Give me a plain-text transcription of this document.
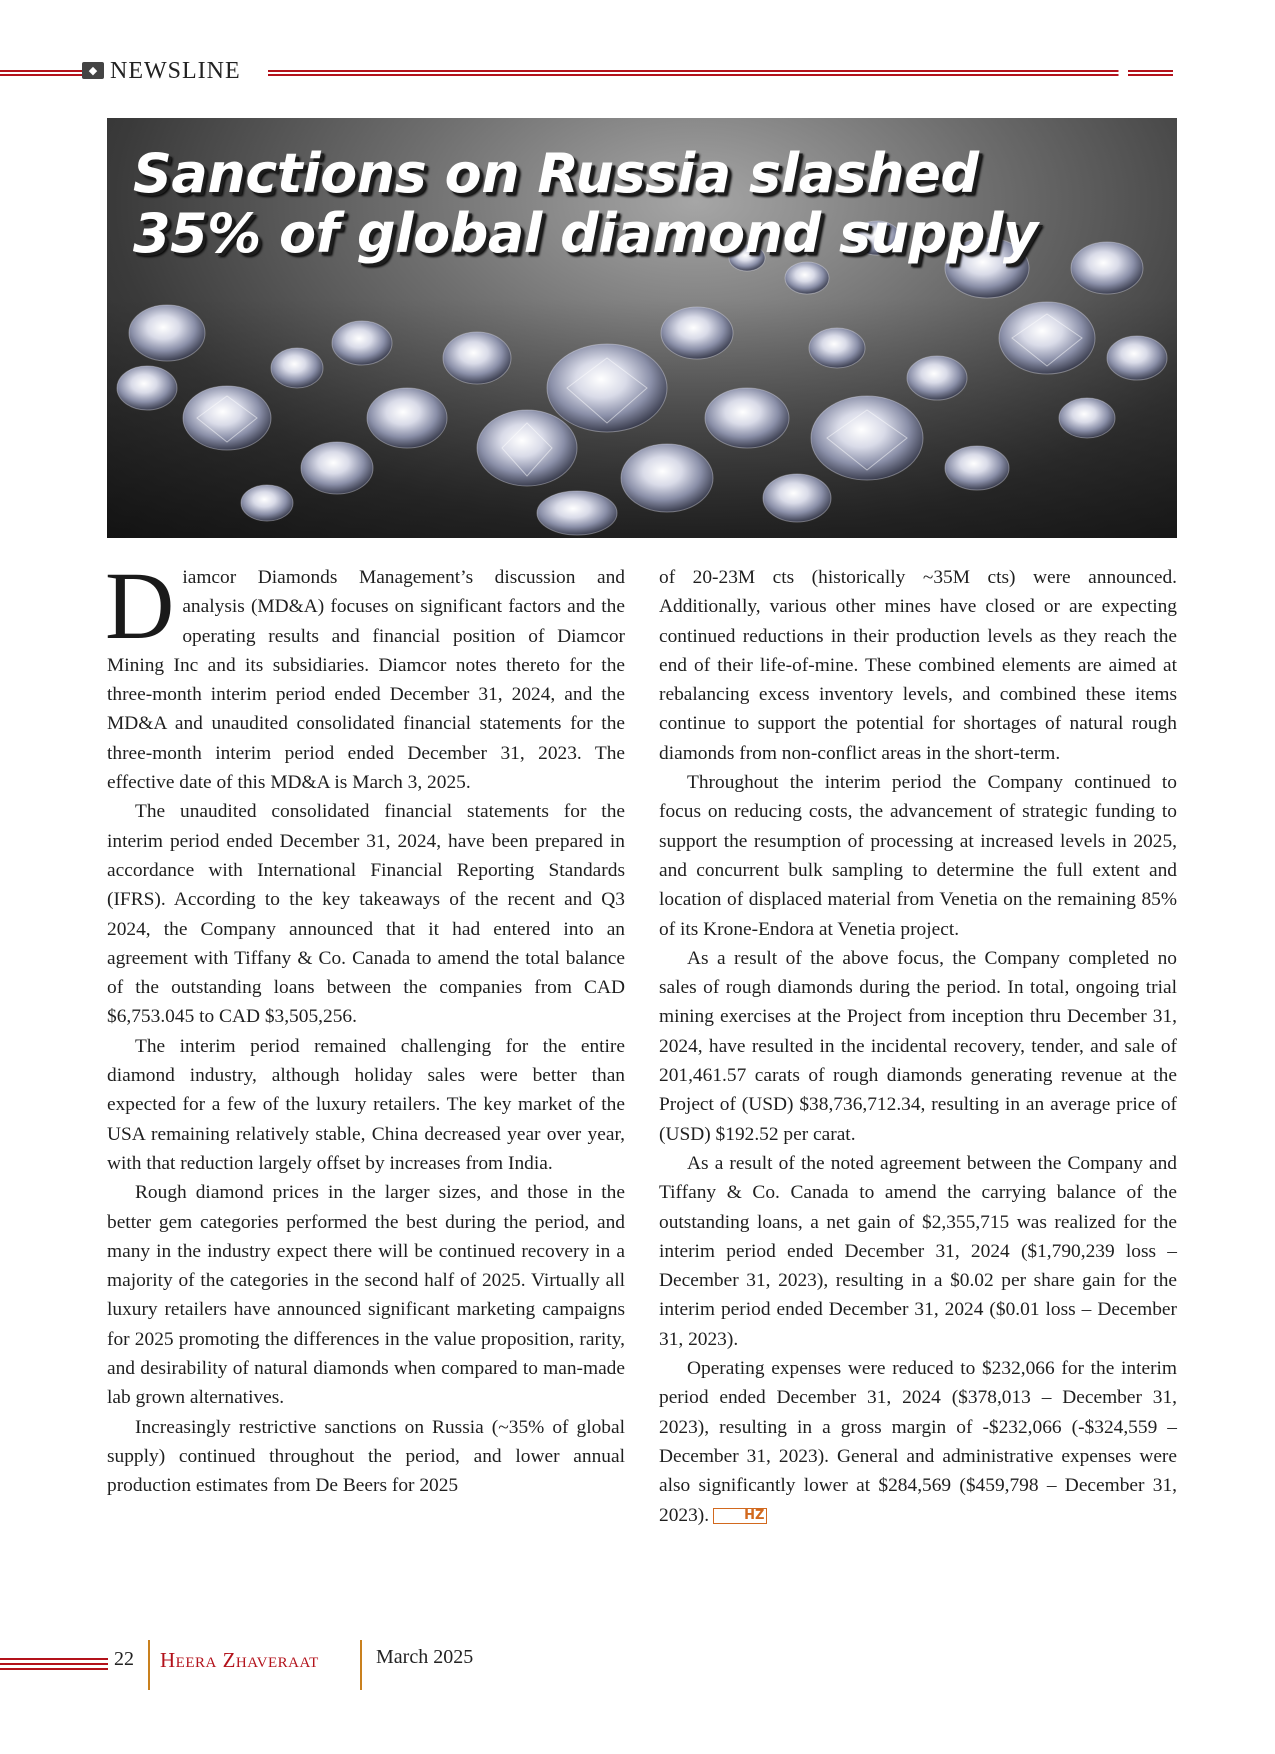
◆ NEWSLINE
Sanctions on Russia slashed
35% of global diamond supply

Diamcor Diamonds Management’s discussion and analysis (MD&A) focuses on significant factors and the operating results and financial position of Diamcor Mining Inc and its subsidiaries. Diamcor notes thereto for the three-month interim period ended December 31, 2024, and the MD&A and unaudited consolidated financial statements for the three-month interim period ended December 31, 2023. The effective date of this MD&A is March 3, 2025.

The unaudited consolidated financial statements for the interim period ended December 31, 2024, have been prepared in accordance with International Financial Reporting Standards (IFRS). According to the key takeaways of the recent and Q3 2024, the Company announced that it had entered into an agreement with Tiffany & Co. Canada to amend the total balance of the outstanding loans between the companies from CAD $6,753.045 to CAD $3,505,256.

The interim period remained challenging for the entire diamond industry, although holiday sales were better than expected for a few of the luxury retailers. The key market of the USA remaining relatively stable, China decreased year over year, with that reduction largely offset by increases from India.

Rough diamond prices in the larger sizes, and those in the better gem categories performed the best during the period, and many in the industry expect there will be continued recovery in a majority of the categories in the second half of 2025. Virtually all luxury retailers have announced significant marketing campaigns for 2025 promoting the differences in the value proposition, rarity, and desirability of natural diamonds when compared to man-made lab grown alternatives.

Increasingly restrictive sanctions on Russia (~35% of global supply) continued throughout the period, and lower annual production estimates from De Beers for 2025

of 20-23M cts (historically ~35M cts) were announced. Additionally, various other mines have closed or are expecting continued reductions in their production levels as they reach the end of their life-of-mine. These combined elements are aimed at rebalancing excess inventory levels, and combined these items continue to support the potential for shortages of natural rough diamonds from non-conflict areas in the short-term.

Throughout the interim period the Company continued to focus on reducing costs, the advancement of strategic funding to support the resumption of processing at increased levels in 2025, and concurrent bulk sampling to determine the full extent and location of displaced material from Venetia on the remaining 85% of its Krone-Endora at Venetia project.

As a result of the above focus, the Company completed no sales of rough diamonds during the period. In total, ongoing trial mining exercises at the Project from inception thru December 31, 2024, have resulted in the incidental recovery, tender, and sale of 201,461.57 carats of rough diamonds generating revenue at the Project of (USD) $38,736,712.34, resulting in an average price of (USD) $192.52 per carat.

As a result of the noted agreement between the Company and Tiffany & Co. Canada to amend the carrying balance of the outstanding loans, a net gain of $2,355,715 was realized for the interim period ended December 31, 2024 ($1,790,239 loss – December 31, 2023), resulting in a $0.02 per share gain for the interim period ended December 31, 2024 ($0.01 loss – December 31, 2023).

Operating expenses were reduced to $232,066 for the interim period ended December 31, 2024 ($378,013 – December 31, 2023), resulting in a gross margin of -$232,066 (-$324,559 – December 31, 2023). General and administrative expenses were also significantly lower at $284,569 ($459,798 – December 31, 2023).	HZ

22 Heera Zhaveraat	March 2025
